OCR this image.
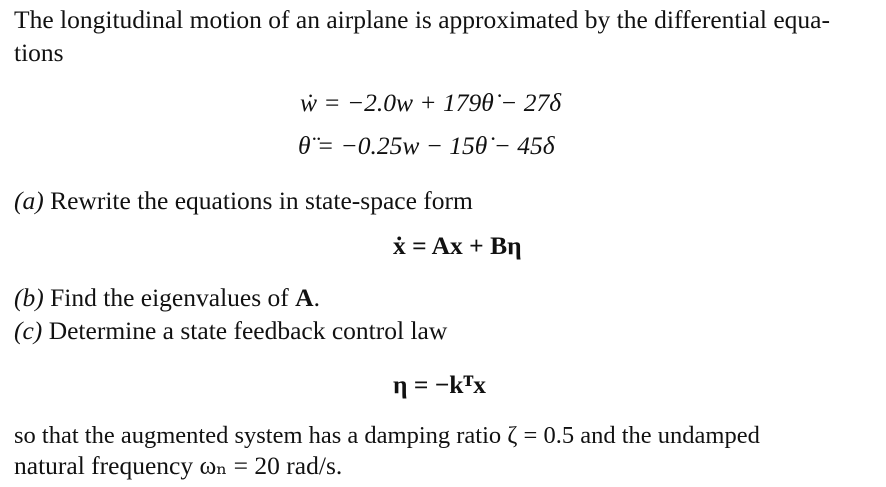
The longitudinal motion of an airplane is approximated by the differential equa-
tions
ẇ = −2.0w + 179θ̇ − 27δ
θ̈ = −0.25w − 15θ̇ − 45δ
(a) Rewrite the equations in state-space form
ẋ = Ax + Bη
(b) Find the eigenvalues of A.
(c) Determine a state feedback control law
η = −kᵀx
so that the augmented system has a damping ratio ζ = 0.5 and the undamped
natural frequency ωₙ = 20 rad/s.
